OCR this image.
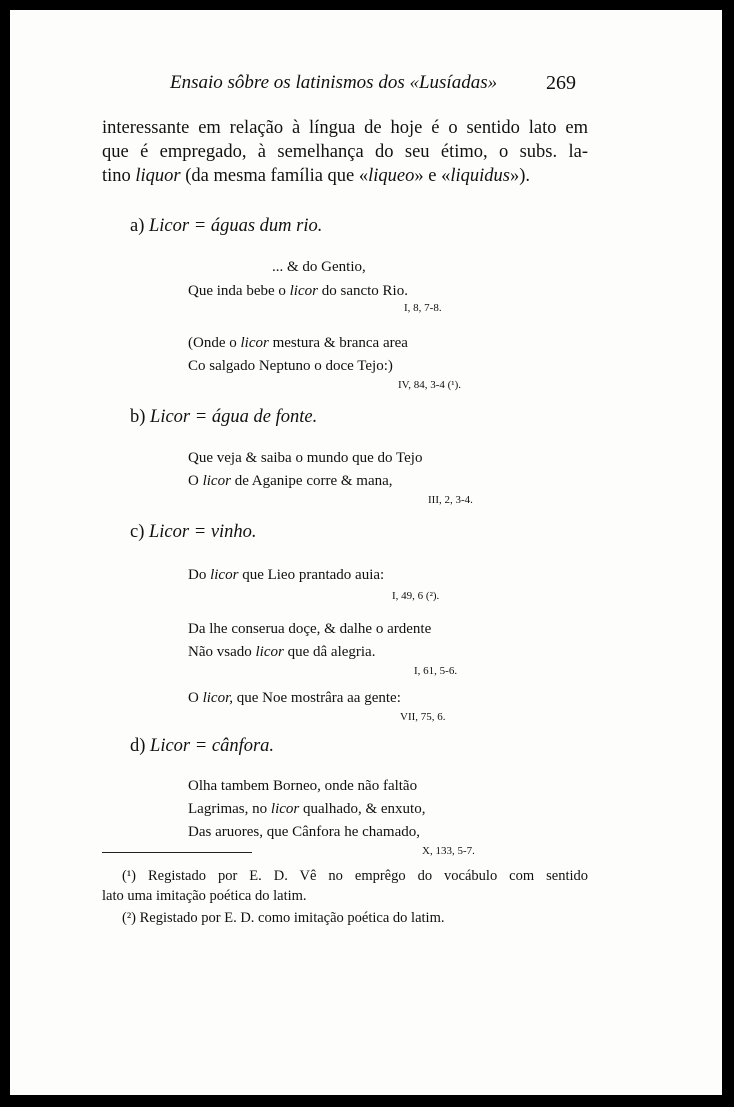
Ensaio sôbre os latinismos dos «Lusíadas» 269
interessante em relação à língua de hoje é o sentido lato em
que é empregado, à semelhança do seu étimo, o subs. la-
tino liquor (da mesma família que «liqueo» e «liquidus»).
a) Licor = águas dum rio.
... & do Gentio,
Que inda bebe o licor do sancto Rio.
I, 8, 7-8.
(Onde o licor mestura & branca area
Co salgado Neptuno o doce Tejo:)
IV, 84, 3-4 (¹).
b) Licor = água de fonte.
Que veja & saiba o mundo que do Tejo
O licor de Aganipe corre & mana,
III, 2, 3-4.
c) Licor = vinho.
Do licor que Lieo prantado auia:
I, 49, 6 (²).
Da lhe conserua doçe, & dalhe o ardente
Não vsado licor que dâ alegria.
I, 61, 5-6.
O licor, que Noe mostrâra aa gente:
VII, 75, 6.
d) Licor = cânfora.
Olha tambem Borneo, onde não faltão
Lagrimas, no licor qualhado, & enxuto,
Das aruores, que Cânfora he chamado,
X, 133, 5-7.
(¹) Registado por E. D. Vê no emprêgo do vocábulo com sentido
lato uma imitação poética do latim.
(²) Registado por E. D. como imitação poética do latim.
